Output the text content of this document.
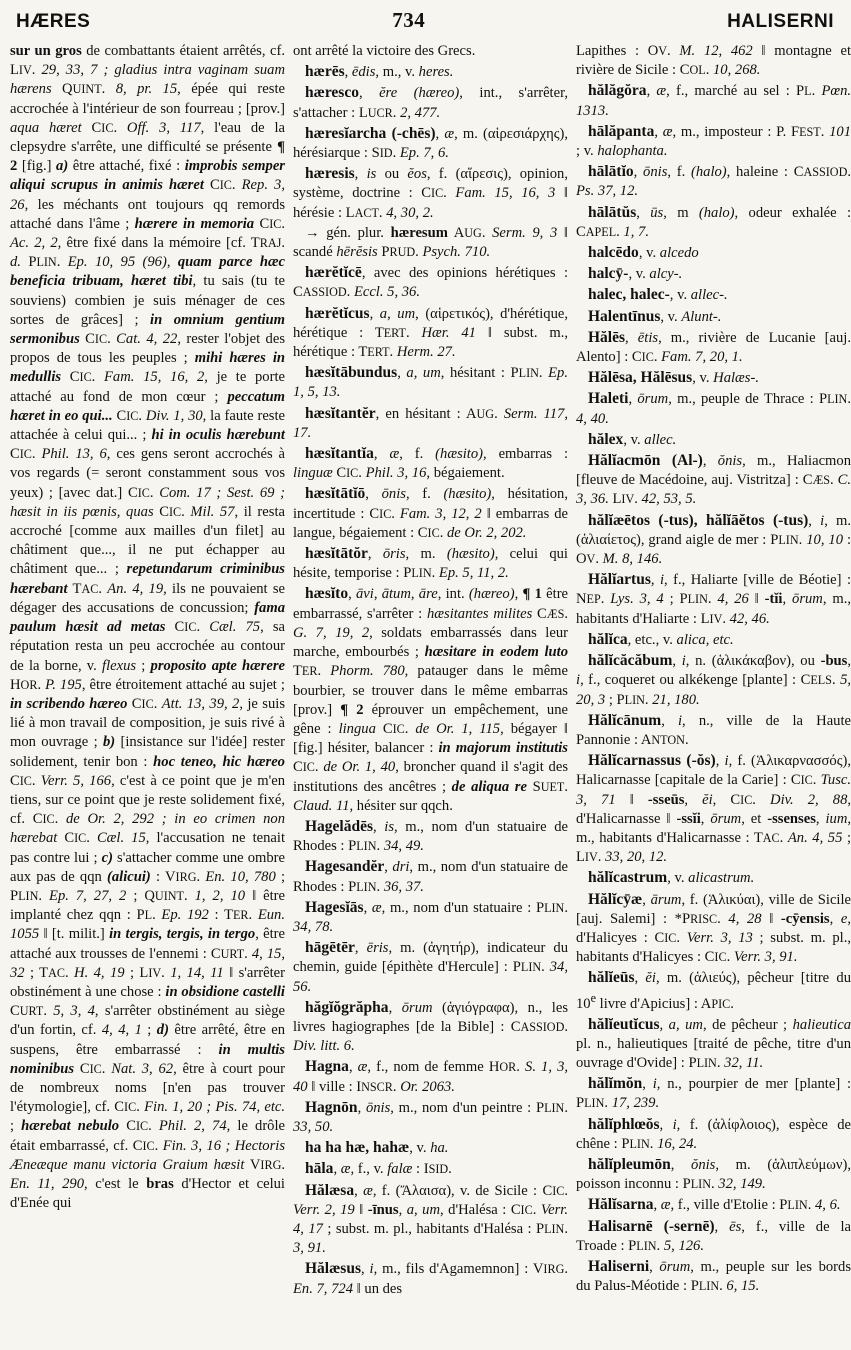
HÆRES	734	HALISERNI

sur un gros de combattants étaient arrêtés, cf. LIV. 29, 33, 7 ; gladius intra vaginam suam hærens QUINT. 8, pr. 15, épée qui reste accrochée à l'intérieur de son fourreau ; [prov.] aqua hæret CIC. Off. 3, 117, l'eau de la clepsydre s'arrête, une difficulté se présente ¶ 2 [fig.] a) être attaché, fixé : improbis semper aliqui scrupus in animis hæret CIC. Rep. 3, 26, les méchants ont toujours qq remords attaché dans l'âme ; hærere in memoria CIC. Ac. 2, 2, être fixé dans la mémoire [cf. TRAJ. d. PLIN. Ep. 10, 95 (96), quam parce hæc beneficia tribuam, hæret tibi, tu sais (tu te souviens) combien je suis ménager de ces sortes de grâces] ; in omnium gentium sermonibus CIC. Cat. 4, 22, rester l'objet des propos de tous les peuples ; mihi hæres in medullis CIC. Fam. 15, 16, 2, je te porte attaché au fond de mon cœur ; peccatum hæret in eo qui... CIC. Div. 1, 30, la faute reste attachée à celui qui... ; hi in oculis hærebunt CIC. Phil. 13, 6, ces gens seront accrochés à vos regards (= seront constamment sous vos yeux) ; [avec dat.] CIC. Com. 17 ; Sest. 69 ; hæsit in iis pœnis, quas CIC. Mil. 57, il resta accroché [comme aux mailles d'un filet] au châtiment que..., il ne put échapper au châtiment que... ; repetundarum criminibus hærebant TAC. An. 4, 19, ils ne pouvaient se dégager des accusations de concussion; fama paulum hæsit ad metas CIC. Cæl. 75, sa réputation resta un peu accrochée au contour de la borne, v. flexus ; proposito apte hærere HOR. P. 195, être étroitement attaché au sujet ; in scribendo hæreo CIC. Att. 13, 39, 2, je suis lié à mon travail de composition, je suis rivé à mon ouvrage ; b) [insistance sur l'idée] rester solidement, tenir bon : hoc teneo, hic hæreo CIC. Verr. 5, 166, c'est à ce point que je m'en tiens, sur ce point que je reste solidement fixé, cf. CIC. de Or. 2, 292 ; in eo crimen non hærebat CIC. Cæl. 15, l'accusation ne tenait pas contre lui ; c) s'attacher comme une ombre aux pas de qqn (alicui) : VIRG. En. 10, 780 ; PLIN. Ep. 7, 27, 2 ; QUINT. 1, 2, 10 ‖ être implanté chez qqn : PL. Ep. 192 : TER. Eun. 1055 ‖ [t. milit.] in tergis, tergis, in tergo, être attaché aux trousses de l'ennemi : CURT. 4, 15, 32 ; TAC. H. 4, 19 ; LIV. 1, 14, 11 ‖ s'arrêter obstinément à une chose : in obsidione castelli CURT. 5, 3, 4, s'arrêter obstinément au siège d'un fortin, cf. 4, 4, 1 ; d) être arrêté, être en suspens, être embarrassé : in multis nominibus CIC. Nat. 3, 62, être à court pour de nombreux noms [n'en pas trouver l'étymologie], cf. CIC. Fin. 1, 20 ; Pis. 74, etc. ; hærebat nebulo CIC. Phil. 2, 74, le drôle était embarrassé, cf. CIC. Fin. 3, 16 ; Hectoris Æneæque manu victoria Graium hæsit VIRG. En. 11, 290, c'est le bras d'Hector et celui d'Enée qui

ont arrêté la victoire des Grecs.

hærēs, ēdis, m., v. heres.

hæresco, ĕre (hæreo), int., s'arrêter, s'attacher : LUCR. 2, 477.

hæresĭarcha (-chēs), æ, m. (αἱρεσιάρχης), hérésiarque : SID. Ep. 7, 6.

hæresis, is ou ĕos, f. (αἵρεσις), opinion, système, doctrine : CIC. Fam. 15, 16, 3 ‖ hérésie : LACT. 4, 30, 2.

→ gén. plur. hæresum AUG. Serm. 9, 3 ‖ scandé hērĕsis PRUD. Psych. 710.

hærĕtĭcē, avec des opinions hérétiques : CASSIOD. Eccl. 5, 36.

hærĕtĭcus, a, um, (αἱρετικός), d'hérétique, hérétique : TERT. Hær. 41 ‖ subst. m., hérétique : TERT. Herm. 27.

hæsĭtābundus, a, um, hésitant : PLIN. Ep. 1, 5, 13.

hæsĭtantĕr, en hésitant : AUG. Serm. 117, 17.

hæsĭtantĭa, æ, f. (hæsito), embarras : linguæ CIC. Phil. 3, 16, bégaiement.

hæsĭtātĭō, ōnis, f. (hæsito), hésitation, incertitude : CIC. Fam. 3, 12, 2 ‖ embarras de langue, bégaiement : CIC. de Or. 2, 202.

hæsĭtātŏr, ōris, m. (hæsito), celui qui hésite, temporise : PLIN. Ep. 5, 11, 2.

hæsĭto, āvi, ātum, āre, int. (hæreo), ¶ 1 être embarrassé, s'arrêter : hæsitantes milites CÆS. G. 7, 19, 2, soldats embarrassés dans leur marche, embourbés ; hæsitare in eodem luto TER. Phorm. 780, patauger dans le même bourbier, se trouver dans le même embarras [prov.] ¶ 2 éprouver un empêchement, une gêne : lingua CIC. de Or. 1, 115, bégayer ‖ [fig.] hésiter, balancer : in majorum institutis CIC. de Or. 1, 40, broncher quand il s'agit des institutions des ancêtres ; de aliqua re SUET. Claud. 11, hésiter sur qqch.

Hagelădēs, is, m., nom d'un statuaire de Rhodes : PLIN. 34, 49.

Hagesandĕr, dri, m., nom d'un statuaire de Rhodes : PLIN. 36, 37.

Hagesĭās, æ, m., nom d'un statuaire : PLIN. 34, 78.

hāgētēr, ēris, m. (ἀγητήρ), indicateur du chemin, guide [épithète d'Hercule] : PLIN. 34, 56.

hăgĭŏgrăpha, ōrum (ἁγιόγραφα), n., les livres hagiographes [de la Bible] : CASSIOD. Div. litt. 6.

Hagna, æ, f., nom de femme HOR. S. 1, 3, 40 ‖ ville : INSCR. Or. 2063.

Hagnōn, ōnis, m., nom d'un peintre : PLIN. 33, 50.

ha ha hæ, hahæ, v. ha.

hāla, æ, f., v. falæ : ISID.

Hălæsa, æ, f. (Ἄλαισα), v. de Sicile : CIC. Verr. 2, 19 ‖ -īnus, a, um, d'Halésa : CIC. Verr. 4, 17 ; subst. m. pl., habitants d'Halésa : PLIN. 3, 91.

Hălæsus, i, m., fils d'Agamemnon] : VIRG. En. 7, 724 ‖ un des

Lapithes : OV. M. 12, 462 ‖ montagne et rivière de Sicile : COL. 10, 268.

hălăgŏra, æ, f., marché au sel : PL. Pœn. 1313.

hālăpanta, æ, m., imposteur : P. FEST. 101 ; v. halophanta.

hālātĭo, ōnis, f. (halo), haleine : CASSIOD. Ps. 37, 12.

hālātŭs, ūs, m (halo), odeur exhalée : CAPEL. 1, 7.

halcēdo, v. alcedo

halcȳ-, v. alcy-.

halec, halec-, v. allec-.

Halentīnus, v. Alunt-.

Hălēs, ētis, m., rivière de Lucanie [auj. Alento] : CIC. Fam. 7, 20, 1.

Hălēsa, Hălēsus, v. Halæs-.

Haleti, ōrum, m., peuple de Thrace : PLIN. 4, 40.

hălex, v. allec.

Hălĭacmōn (Al-), ŏnis, m., Haliacmon [fleuve de Macédoine, auj. Vistritza] : CÆS. C. 3, 36. LIV. 42, 53, 5.

hălĭæētos (-tus), hălĭāĕtos (-tus), i, m. (ἁλιαίετος), grand aigle de mer : PLIN. 10, 10 : OV. M. 8, 146.

Hălĭartus, i, f., Haliarte [ville de Béotie] : NEP. Lys. 3, 4 ; PLIN. 4, 26 ‖ -tĭi, ōrum, m., habitants d'Haliarte : LIV. 42, 46.

hălĭca, etc., v. alica, etc.

hălĭcăcăbum, i, n. (ἁλικάκαβον), ou -bus, i, f., coqueret ou alkékenge [plante] : CELS. 5, 20, 3 ; PLIN. 21, 180.

Hălĭcānum, i, n., ville de la Haute Pannonie : ANTON.

Hălĭcarnassus (-ŏs), i, f. (Ἁλικαρνασσός), Halicarnasse [capitale de la Carie] : CIC. Tusc. 3, 71 ‖ -sseūs, ĕi, CIC. Div. 2, 88, d'Halicarnasse ‖ -ssĭi, ōrum, et -ssenses, ium, m., habitants d'Halicarnasse : TAC. An. 4, 55 ; LIV. 33, 20, 12.

hălĭcastrum, v. alicastrum.

Hălĭcȳæ, ārum, f. (Ἁλικύαι), ville de Sicile [auj. Salemi] : *PRISC. 4, 28 ‖ -cȳensis, e, d'Halicyes : CIC. Verr. 3, 13 ; subst. m. pl., habitants d'Halicyes : CIC. Verr. 3, 91.

hălĭeūs, ĕi, m. (ἁλιεύς), pêcheur [titre du 10e livre d'Apicius] : APIC.

hălĭeutĭcus, a, um, de pêcheur ; halieutica pl. n., halieutiques [traité de pêche, titre d'un ouvrage d'Ovide] : PLIN. 32, 11.

hălĭmŏn, i, n., pourpier de mer [plante] : PLIN. 17, 239.

hălĭphlœŏs, i, f. (ἀλίφλοιος), espèce de chêne : PLIN. 16, 24.

hălĭpleumōn, ŏnis, m. (ἁλιπλεύμων), poisson inconnu : PLIN. 32, 149.

Hălĭsarna, æ, f., ville d'Etolie : PLIN. 4, 6.

Halisarnē (-sernē), ēs, f., ville de la Troade : PLIN. 5, 126.

Haliserni, ōrum, m., peuple sur les bords du Palus-Méotide : PLIN. 6, 15.
